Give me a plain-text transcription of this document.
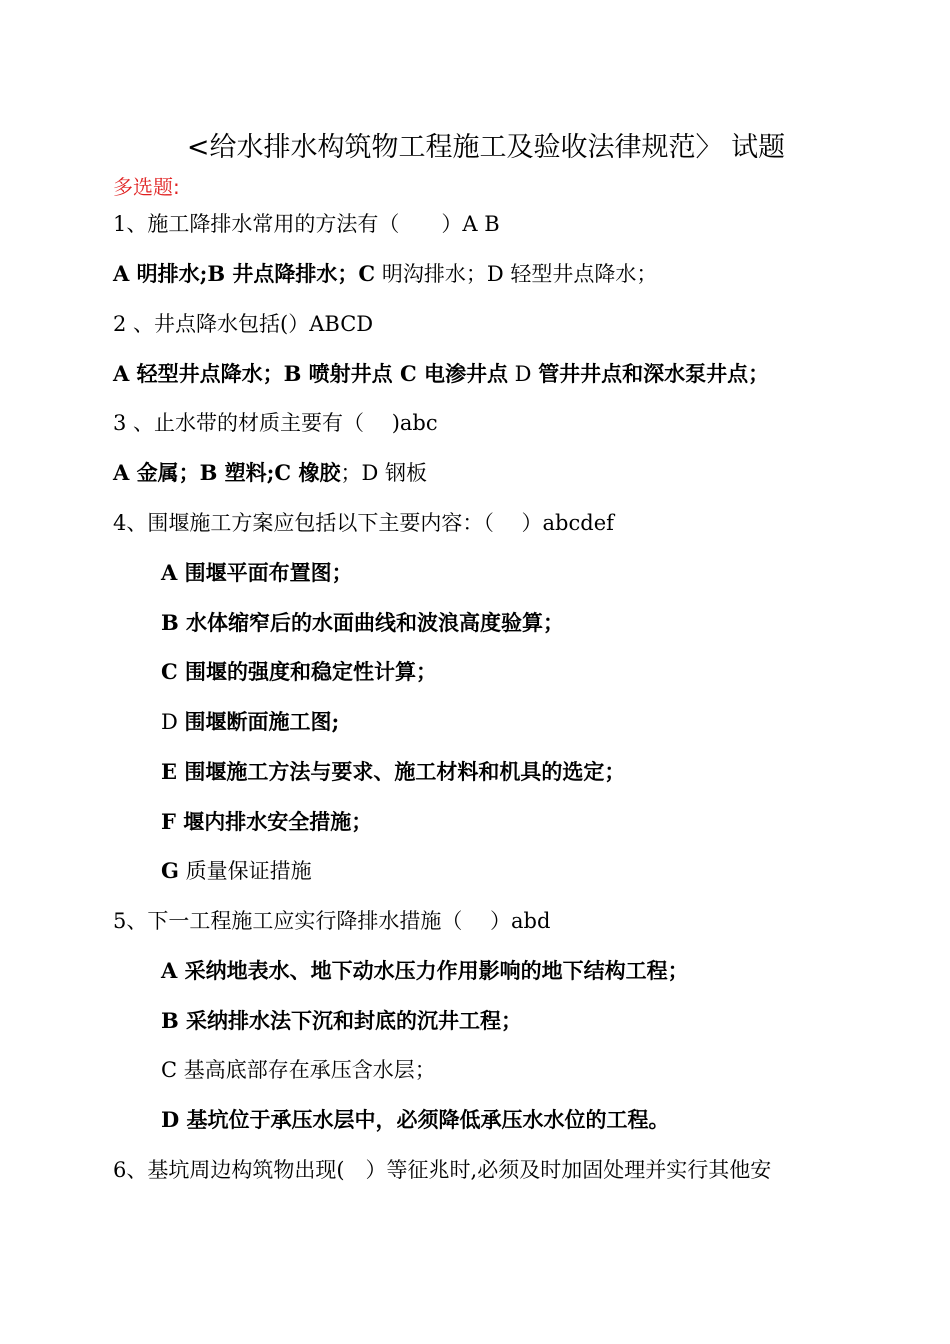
<给水排水构筑物工程施工及验收法律规范〉 试题
多选题:
1、施工降排水常用的方法有（　　）A B
A 明排水;B 井点降排水；C 明沟排水；D 轻型井点降水；
2 、井点降水包括(）ABCD
A 轻型井点降水；B 喷射井点 C 电渗井点 D 管井井点和深水泵井点；
3 、止水带的材质主要有（　 )abc
A 金属；B 塑料;C 橡胶；D 钢板
4、围堰施工方案应包括以下主要内容：（　 ）abcdef
A 围堰平面布置图；
B 水体缩窄后的水面曲线和波浪高度验算；
C 围堰的强度和稳定性计算；
D 围堰断面施工图;
E 围堰施工方法与要求、施工材料和机具的选定；
F 堰内排水安全措施；
G 质量保证措施
5、下一工程施工应实行降排水措施（　 ）abd
A 采纳地表水、地下动水压力作用影响的地下结构工程；
B 采纳排水法下沉和封底的沉井工程；
C 基高底部存在承压含水层；
D 基坑位于承压水层中，必须降低承压水水位的工程。
6、基坑周边构筑物出现(　）等征兆时,必须及时加固处理并实行其他安
